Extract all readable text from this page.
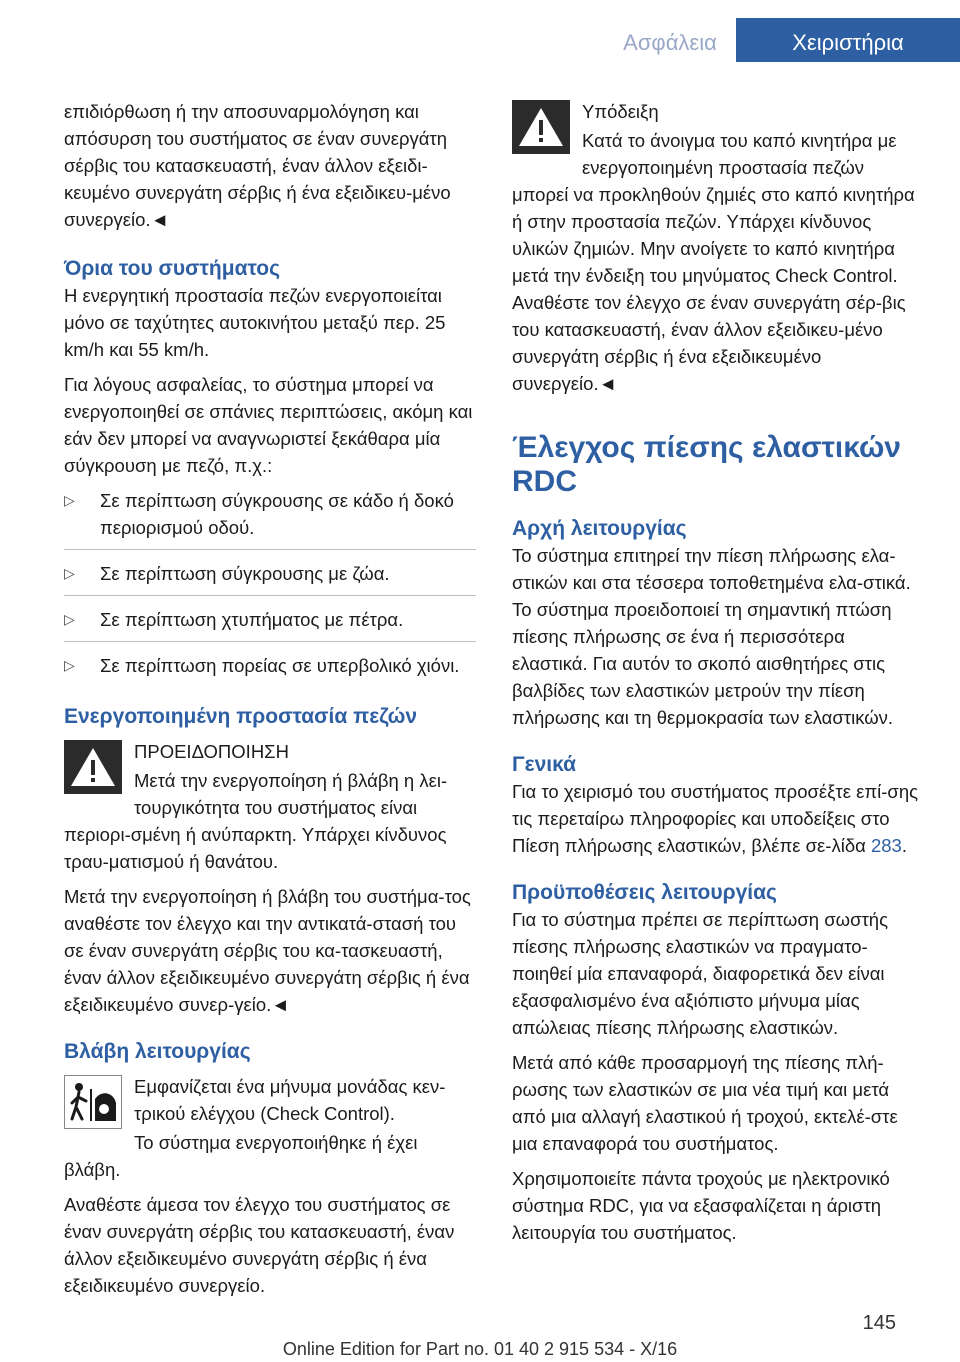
Ασφάλεια	Χειριστήρια

επιδιόρθωση ή την αποσυναρμολόγηση και απόσυρση του συστήματος σε έναν συνεργάτη σέρβις του κατασκευαστή, έναν άλλον εξειδι-κευμένο συνεργάτη σέρβις ή ένα εξειδικευ-μένο συνεργείο.◄

Όρια του συστήματος

Η ενεργητική προστασία πεζών ενεργοποιείται μόνο σε ταχύτητες αυτοκινήτου μεταξύ περ. 25 km/h και 55 km/h.

Για λόγους ασφαλείας, το σύστημα μπορεί να ενεργοποιηθεί σε σπάνιες περιπτώσεις, ακόμη και εάν δεν μπορεί να αναγνωριστεί ξεκάθαρα μία σύγκρουση με πεζό, π.χ.:

▷ Σε περίπτωση σύγκρουσης σε κάδο ή δοκό περιορισμού οδού.
▷ Σε περίπτωση σύγκρουσης με ζώα.
▷ Σε περίπτωση χτυπήματος με πέτρα.
▷ Σε περίπτωση πορείας σε υπερβολικό χιόνι.
Ενεργοποιημένη προστασία πεζών

ΠΡΟΕΙΔΟΠΟΙΗΣΗ

Μετά την ενεργοποίηση ή βλάβη η λει-τουργικότητα του συστήματος είναι περιορι-σμένη ή ανύπαρκτη. Υπάρχει κίνδυνος τραυ-ματισμού ή θανάτου.

Μετά την ενεργοποίηση ή βλάβη του συστήμα-τος αναθέστε τον έλεγχο και την αντικατά-στασή του σε έναν συνεργάτη σέρβις του κα-τασκευαστή, έναν άλλον εξειδικευμένο συνεργάτη σέρβις ή ένα εξειδικευμένο συνερ-γείο.◄

Βλάβη λειτουργίας

Εμφανίζεται ένα μήνυμα μονάδας κεν-τρικού ελέγχου (Check Control).

Το σύστημα ενεργοποιήθηκε ή έχει βλάβη.

Αναθέστε άμεσα τον έλεγχο του συστήματος σε έναν συνεργάτη σέρβις του κατασκευαστή, έναν άλλον εξειδικευμένο συνεργάτη σέρβις ή ένα εξειδικευμένο συνεργείο.

Υπόδειξη

Κατά το άνοιγμα του καπό κινητήρα με ενεργοποιημένη προστασία πεζών μπορεί να προκληθούν ζημιές στο καπό κινητήρα ή στην προστασία πεζών. Υπάρχει κίνδυνος υλικών ζημιών. Μην ανοίγετε το καπό κινητήρα μετά την ένδειξη του μηνύματος Check Control. Αναθέστε τον έλεγχο σε έναν συνεργάτη σέρ-βις του κατασκευαστή, έναν άλλον εξειδικευ-μένο συνεργάτη σέρβις ή ένα εξειδικευμένο συνεργείο.◄

Έλεγχος πίεσης ελαστικών RDC
Αρχή λειτουργίας

Το σύστημα επιτηρεί την πίεση πλήρωσης ελα-στικών και στα τέσσερα τοποθετημένα ελα-στικά. Το σύστημα προειδοποιεί τη σημαντική πτώση πίεσης πλήρωσης σε ένα ή περισσότερα ελαστικά. Για αυτόν το σκοπό αισθητήρες στις βαλβίδες των ελαστικών μετρούν την πίεση πλήρωσης και τη θερμοκρασία των ελαστικών.

Γενικά

Για το χειρισμό του συστήματος προσέξτε επί-σης τις περεταίρω πληροφορίες και υποδείξεις στο Πίεση πλήρωσης ελαστικών, βλέπε σε-λίδα 283.

Προϋποθέσεις λειτουργίας

Για το σύστημα πρέπει σε περίπτωση σωστής πίεσης πλήρωσης ελαστικών να πραγματο-ποιηθεί μία επαναφορά, διαφορετικά δεν είναι εξασφαλισμένο ένα αξιόπιστο μήνυμα μίας απώλειας πίεσης πλήρωσης ελαστικών.

Μετά από κάθε προσαρμογή της πίεσης πλή-ρωσης των ελαστικών σε μια νέα τιμή και μετά από μια αλλαγή ελαστικού ή τροχού, εκτελέ-στε μια επαναφορά του συστήματος.

Χρησιμοποιείτε πάντα τροχούς με ηλεκτρονικό σύστημα RDC, για να εξασφαλίζεται η άριστη λειτουργία του συστήματος.

145
Online Edition for Part no. 01 40 2 915 534 - X/16
